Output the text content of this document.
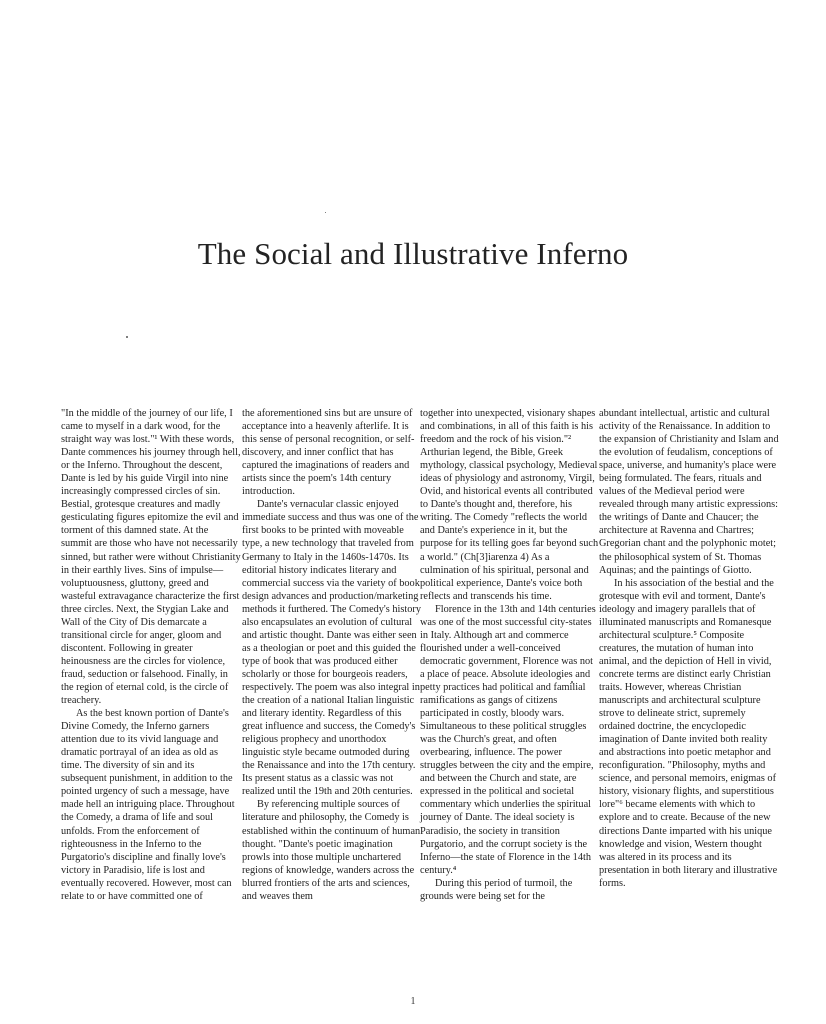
The Social and Illustrative Inferno

"In the middle of the journey of our life, I came to myself in a dark wood, for the straight way was lost."¹ With these words, Dante commences his journey through hell, or the Inferno. Throughout the descent, Dante is led by his guide Virgil into nine increasingly compressed circles of sin. Bestial, grotesque creatures and madly gesticulating figures epitomize the evil and torment of this damned state. At the summit are those who have not necessarily sinned, but rather were without Christianity in their earthly lives. Sins of impulse—voluptuousness, gluttony, greed and wasteful extravagance characterize the first three circles. Next, the Stygian Lake and Wall of the City of Dis demarcate a transitional circle for anger, gloom and discontent. Following in greater heinousness are the circles for violence, fraud, seduction or falsehood. Finally, in the region of eternal cold, is the circle of treachery.

As the best known portion of Dante's Divine Comedy, the Inferno garners attention due to its vivid language and dramatic portrayal of an idea as old as time. The diversity of sin and its subsequent punishment, in addition to the pointed urgency of such a message, have made hell an intriguing place. Throughout the Comedy, a drama of life and soul unfolds. From the enforcement of righteousness in the Inferno to the Purgatorio's discipline and finally love's victory in Paradisio, life is lost and eventually recovered. However, most can relate to or have committed one of

the aforementioned sins but are unsure of acceptance into a heavenly afterlife. It is this sense of personal recognition, or self-discovery, and inner conflict that has captured the imaginations of readers and artists since the poem's 14th century introduction.

Dante's vernacular classic enjoyed immediate success and thus was one of the first books to be printed with moveable type, a new technology that traveled from Germany to Italy in the 1460s-1470s. Its editorial history indicates literary and commercial success via the variety of book design advances and production/marketing methods it furthered. The Comedy's history also encapsulates an evolution of cultural and artistic thought. Dante was either seen as a theologian or poet and this guided the type of book that was produced either scholarly or those for bourgeois readers, respectively. The poem was also integral in the creation of a national Italian linguistic and literary identity. Regardless of this great influence and success, the Comedy's religious prophecy and unorthodox linguistic style became outmoded during the Renaissance and into the 17th century. Its present status as a classic was not realized until the 19th and 20th centuries.

By referencing multiple sources of literature and philosophy, the Comedy is established within the continuum of human thought. "Dante's poetic imagination prowls into those multiple unchartered regions of knowledge, wanders across the blurred frontiers of the arts and sciences, and weaves them

together into unexpected, visionary shapes and combinations, in all of this faith is his freedom and the rock of his vision."² Arthurian legend, the Bible, Greek mythology, classical psychology, Medieval ideas of physiology and astronomy, Virgil, Ovid, and historical events all contributed to Dante's thought and, therefore, his writing. The Comedy "reflects the world and Dante's experience in it, but the purpose for its telling goes far beyond such a world." (Ch[3]iarenza 4) As a culmination of his spiritual, personal and political experience, Dante's voice both reflects and transcends his time.

Florence in the 13th and 14th centuries was one of the most successful city-states in Italy. Although art and commerce flourished under a well-conceived democratic government, Florence was not a place of peace. Absolute ideologies and petty practices had political and familial ramifications as gangs of citizens participated in costly, bloody wars. Simultaneous to these political struggles was the Church's great, and often overbearing, influence. The power struggles between the city and the empire, and between the Church and state, are expressed in the political and societal commentary which underlies the spiritual journey of Dante. The ideal society is Paradisio, the society in transition Purgatorio, and the corrupt society is the Inferno—the state of Florence in the 14th century.⁴

During this period of turmoil, the grounds were being set for the

abundant intellectual, artistic and cultural activity of the Renaissance. In addition to the expansion of Christianity and Islam and the evolution of feudalism, conceptions of space, universe, and humanity's place were being formulated. The fears, rituals and values of the Medieval period were revealed through many artistic expressions: the writings of Dante and Chaucer; the architecture at Ravenna and Chartres; Gregorian chant and the polyphonic motet; the philosophical system of St. Thomas Aquinas; and the paintings of Giotto.

In his association of the bestial and the grotesque with evil and torment, Dante's ideology and imagery parallels that of illuminated manuscripts and Romanesque architectural sculpture.⁵ Composite creatures, the mutation of human into animal, and the depiction of Hell in vivid, concrete terms are distinct early Christian traits. However, whereas Christian manuscripts and architectural sculpture strove to delineate strict, supremely ordained doctrine, the encyclopedic imagination of Dante invited both reality and abstractions into poetic metaphor and reconfiguration. "Philosophy, myths and science, and personal memoirs, enigmas of history, visionary flights, and superstitious lore"⁶ became elements with which to explore and to create. Because of the new directions Dante imparted with his unique knowledge and vision, Western thought was altered in its process and its presentation in both literary and illustrative forms.

1
